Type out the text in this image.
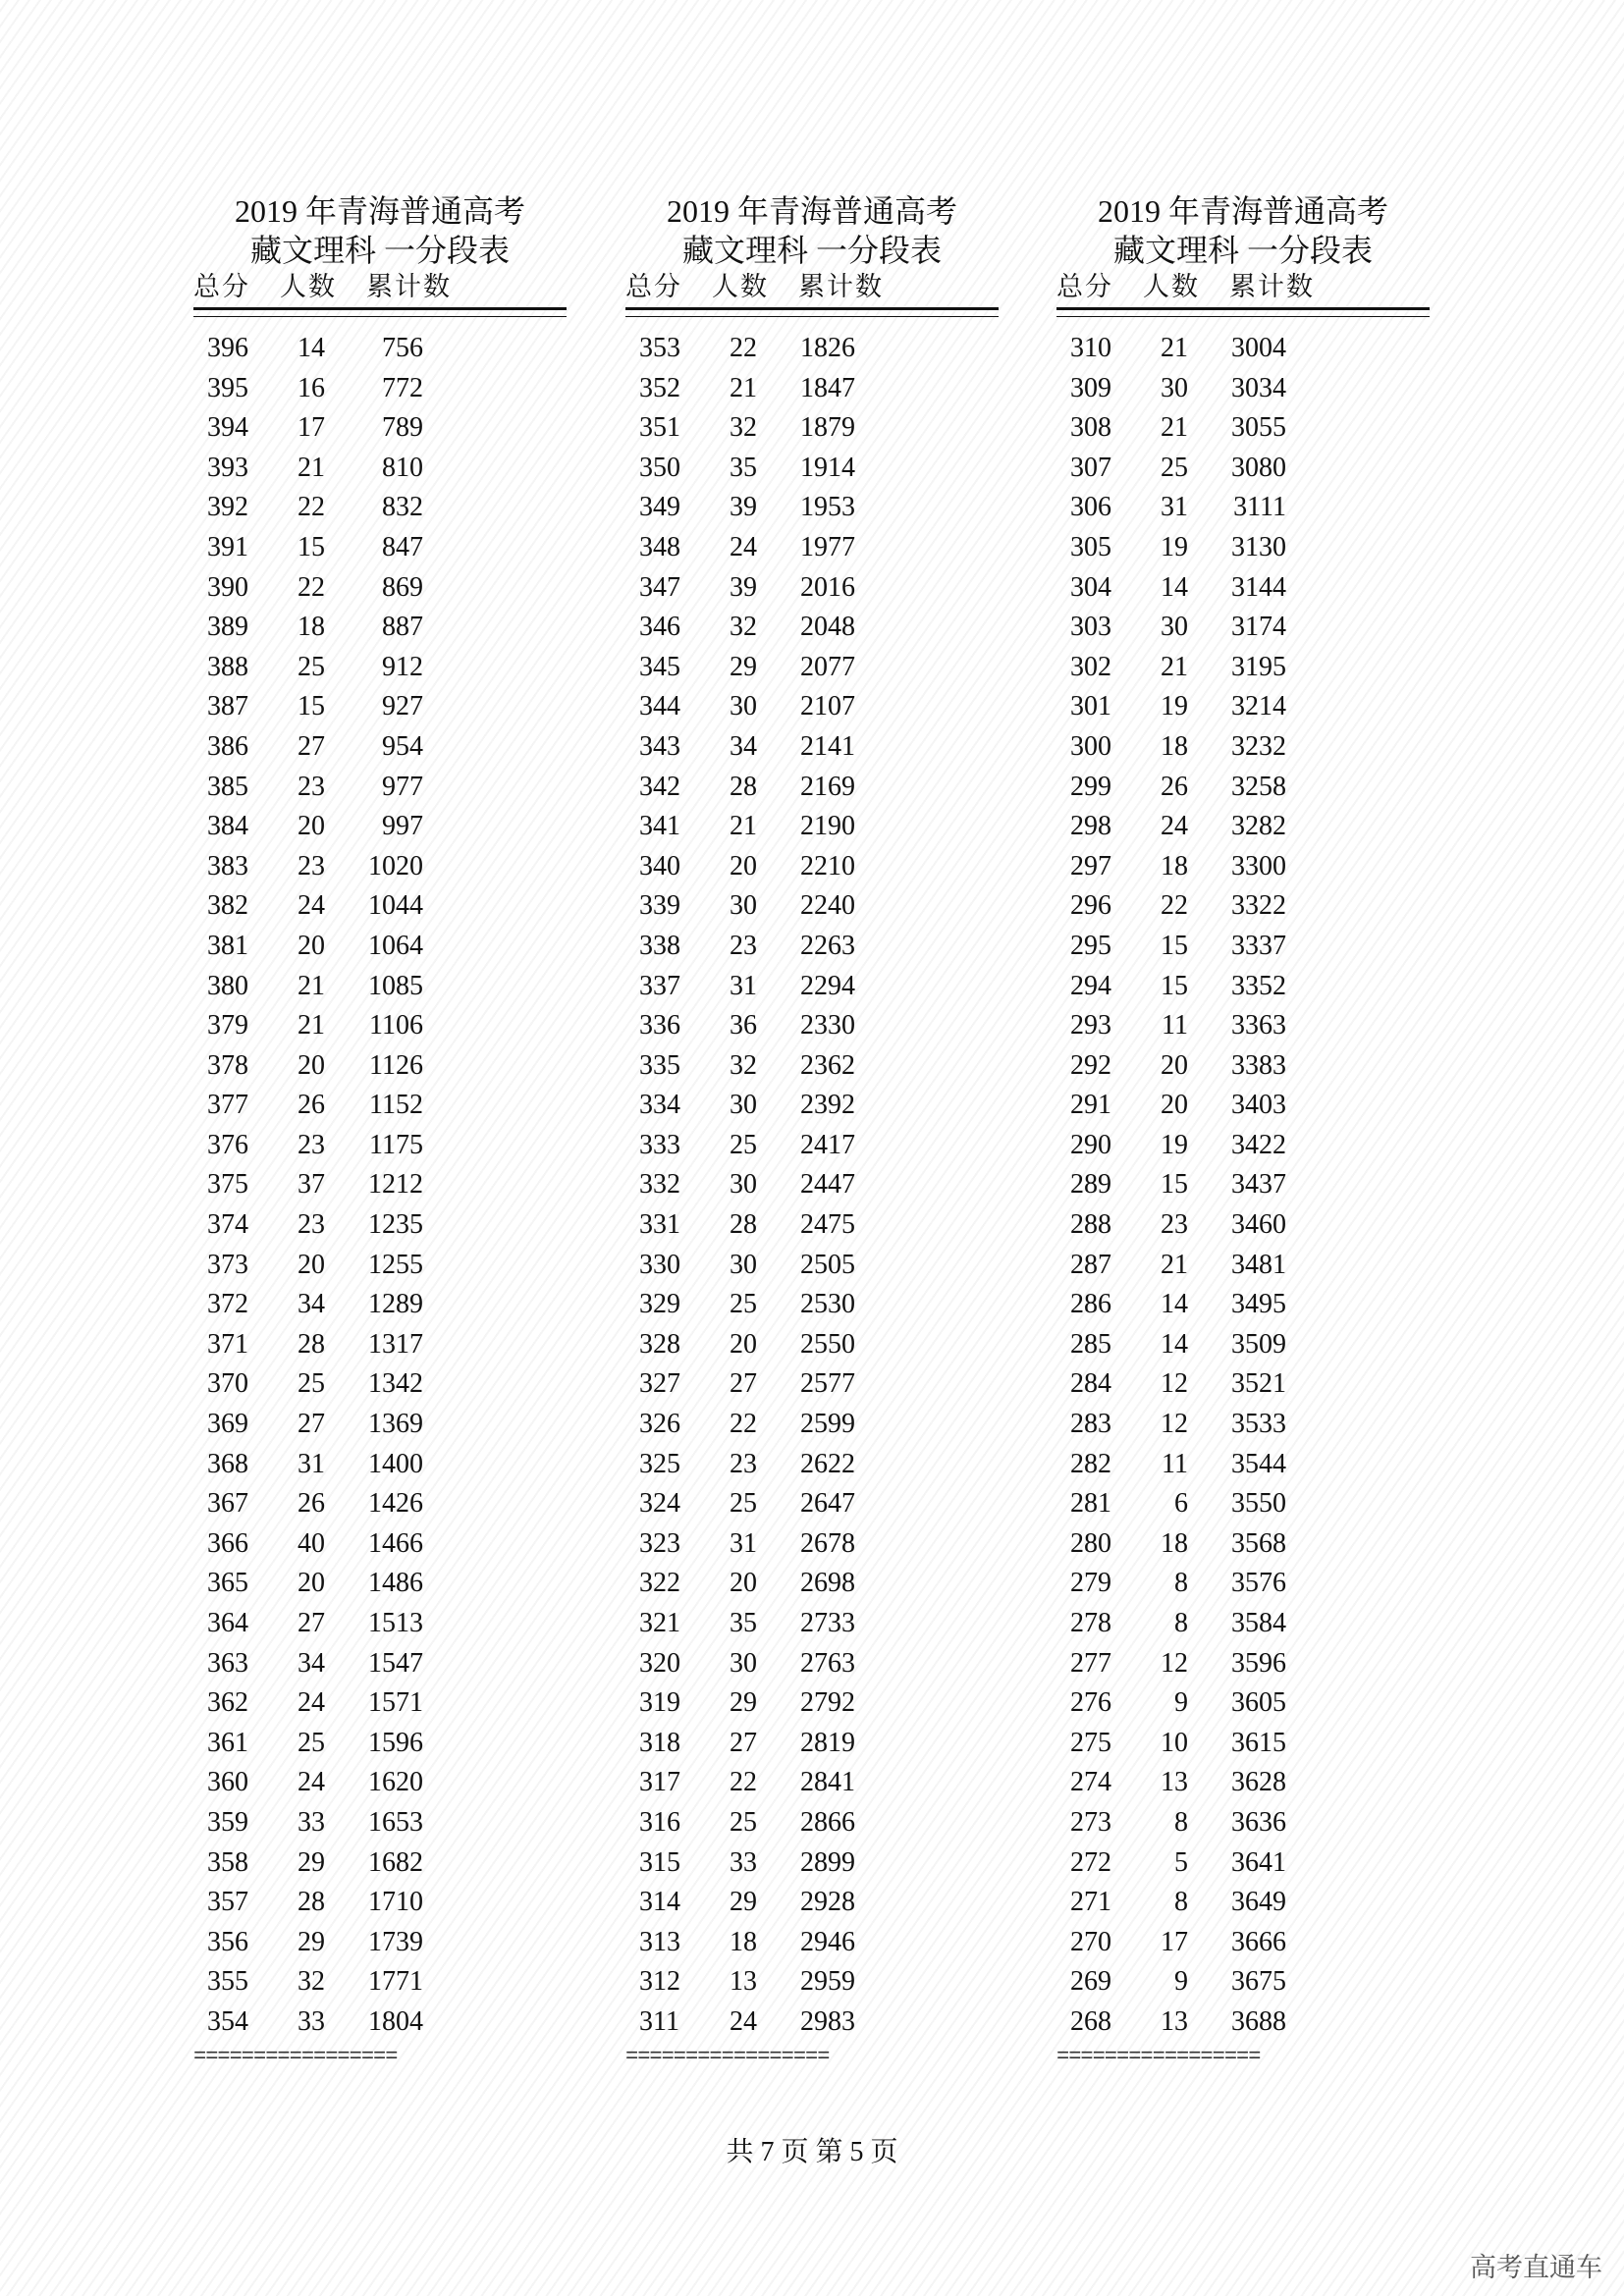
2019 年青海普通高考
藏文理科 一分段表
总分 人数 累计数
396	14	756
395	16	772
394	17	789
393	21	810
392	22	832
391	15	847
390	22	869
389	18	887
388	25	912
387	15	927
386	27	954
385	23	977
384	20	997
383	23	1020
382	24	1044
381	20	1064
380	21	1085
379	21	1106
378	20	1126
377	26	1152
376	23	1175
375	37	1212
374	23	1235
373	20	1255
372	34	1289
371	28	1317
370	25	1342
369	27	1369
368	31	1400
367	26	1426
366	40	1466
365	20	1486
364	27	1513
363	34	1547
362	24	1571
361	25	1596
360	24	1620
359	33	1653
358	29	1682
357	28	1710
356	29	1739
355	32	1771
354	33	1804
=================
2019 年青海普通高考
藏文理科 一分段表
总分 人数 累计数
353	22	1826
352	21	1847
351	32	1879
350	35	1914
349	39	1953
348	24	1977
347	39	2016
346	32	2048
345	29	2077
344	30	2107
343	34	2141
342	28	2169
341	21	2190
340	20	2210
339	30	2240
338	23	2263
337	31	2294
336	36	2330
335	32	2362
334	30	2392
333	25	2417
332	30	2447
331	28	2475
330	30	2505
329	25	2530
328	20	2550
327	27	2577
326	22	2599
325	23	2622
324	25	2647
323	31	2678
322	20	2698
321	35	2733
320	30	2763
319	29	2792
318	27	2819
317	22	2841
316	25	2866
315	33	2899
314	29	2928
313	18	2946
312	13	2959
311	24	2983
=================
2019 年青海普通高考
藏文理科 一分段表
总分 人数 累计数
310	21	3004
309	30	3034
308	21	3055
307	25	3080
306	31	3111
305	19	3130
304	14	3144
303	30	3174
302	21	3195
301	19	3214
300	18	3232
299	26	3258
298	24	3282
297	18	3300
296	22	3322
295	15	3337
294	15	3352
293	11	3363
292	20	3383
291	20	3403
290	19	3422
289	15	3437
288	23	3460
287	21	3481
286	14	3495
285	14	3509
284	12	3521
283	12	3533
282	11	3544
281	6	3550
280	18	3568
279	8	3576
278	8	3584
277	12	3596
276	9	3605
275	10	3615
274	13	3628
273	8	3636
272	5	3641
271	8	3649
270	17	3666
269	9	3675
268	13	3688
=================
共 7 页 第 5 页
高考直通车
